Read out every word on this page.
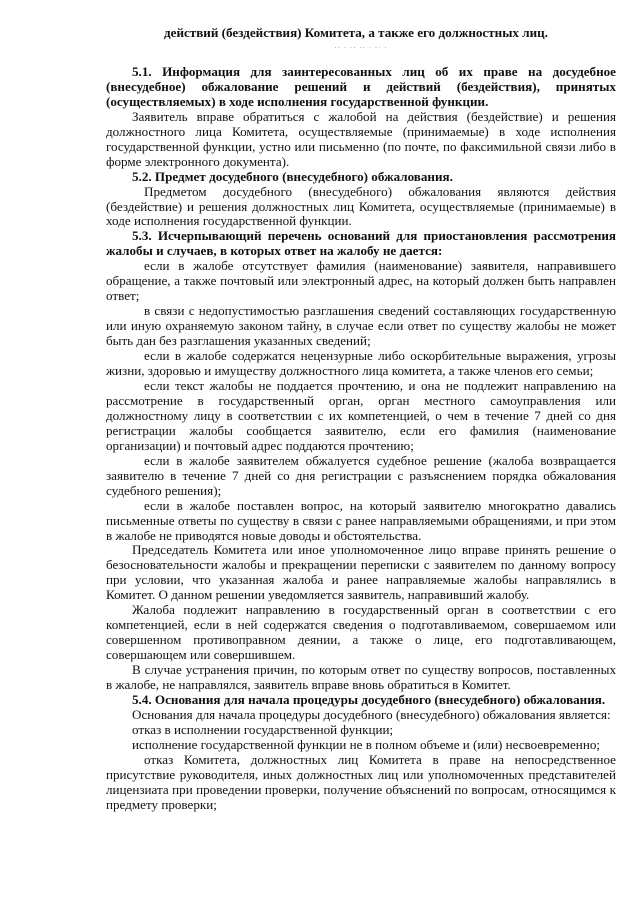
действий (бездействия) Комитета, а также его должностных лиц.
·· · ·· ·· · ·· ·

5.1. Информация для заинтересованных лиц об их праве на досудебное (внесудебное) обжалование решений и действий (бездействия), принятых (осуществляемых) в ходе исполнения государственной функции.

Заявитель вправе обратиться с жалобой на действия (бездействие) и решения должностного лица Комитета, осуществляемые (принимаемые) в ходе исполнения государственной функции, устно или письменно (по почте, по факсимильной связи либо в форме электронного документа).

5.2. Предмет досудебного (внесудебного) обжалования.

Предметом досудебного (внесудебного) обжалования являются действия (бездействие) и решения должностных лиц Комитета, осуществляемые (принимаемые) в ходе исполнения государственной функции.

5.3. Исчерпывающий перечень оснований для приостановления рассмотрения жалобы и случаев, в которых ответ на жалобу не дается:

если в жалобе отсутствует фамилия (наименование) заявителя, направившего обращение, а также почтовый или электронный адрес, на который должен быть направлен ответ;

в связи с недопустимостью разглашения сведений составляющих государственную или иную охраняемую законом тайну, в случае если ответ по существу жалобы не может быть дан без разглашения указанных сведений;

если в жалобе содержатся нецензурные либо оскорбительные выражения, угрозы жизни, здоровью и имуществу должностного лица комитета, а также членов его семьи;

если текст жалобы не поддается прочтению, и она не подлежит направлению на рассмотрение в государственный орган, орган местного самоуправления или должностному лицу в соответствии с их компетенцией, о чем в течение 7 дней со дня регистрации жалобы сообщается заявителю, если его фамилия (наименование организации) и почтовый адрес поддаются прочтению;

если в жалобе заявителем обжалуется судебное решение (жалоба возвращается заявителю в течение 7 дней со дня регистрации с разъяснением порядка обжалования судебного решения);

если в жалобе поставлен вопрос, на который заявителю многократно давались письменные ответы по существу в связи с ранее направляемыми обращениями, и при этом в жалобе не приводятся новые доводы и обстоятельства.

Председатель Комитета или иное уполномоченное лицо вправе принять решение о безосновательности жалобы и прекращении переписки с заявителем по данному вопросу при условии, что указанная жалоба и ранее направляемые жалобы направлялись в Комитет. О данном решении уведомляется заявитель, направивший жалобу.

Жалоба подлежит направлению в государственный орган в соответствии с его компетенцией, если в ней содержатся сведения о подготавливаемом, совершаемом или совершенном противоправном деянии, а также о лице, его подготавливающем, совершающем или совершившем.

В случае устранения причин, по которым ответ по существу вопросов, поставленных в жалобе, не направлялся, заявитель вправе вновь обратиться в Комитет.

5.4. Основания для начала процедуры досудебного (внесудебного) обжалования.

Основания для начала процедуры досудебного (внесудебного) обжалования является:

отказ в исполнении государственной функции;

исполнение государственной функции не в полном объеме и (или) несвоевременно;

отказ Комитета, должностных лиц Комитета в праве на непосредственное присутствие руководителя, иных должностных лиц или уполномоченных представителей лицензиата при проведении проверки, получение объяснений по вопросам, относящимся к предмету проверки;
